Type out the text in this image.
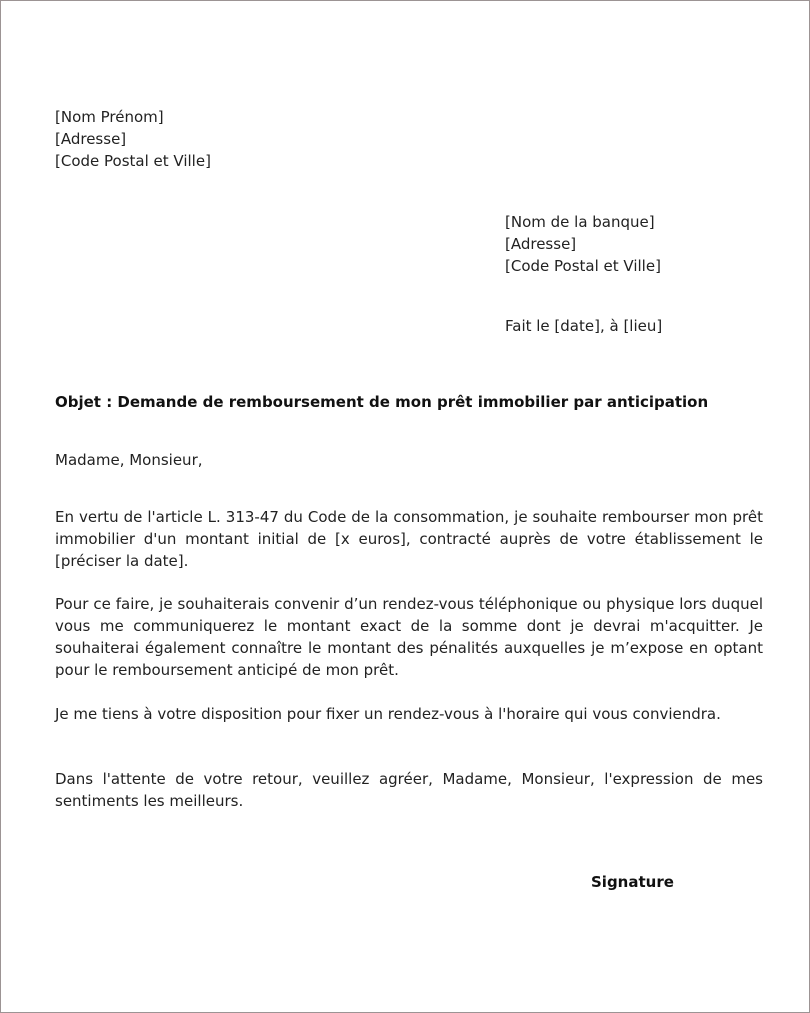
[Nom Prénom]
[Adresse]
[Code Postal et Ville]
[Nom de la banque]
[Adresse]
[Code Postal et Ville]
Fait le [date], à [lieu]
Objet : Demande de remboursement de mon prêt immobilier par anticipation
Madame, Monsieur,
En vertu de l'article L. 313-47 du Code de la consommation, je souhaite rembourser mon prêt immobilier d'un montant initial de [x euros], contracté auprès de votre établissement le [préciser la date].
Pour ce faire, je souhaiterais convenir d’un rendez-vous téléphonique ou physique lors duquel vous me communiquerez le montant exact de la somme dont je devrai m'acquitter. Je souhaiterai également connaître le montant des pénalités auxquelles je m’expose en optant pour le remboursement anticipé de mon prêt.
Je me tiens à votre disposition pour fixer un rendez-vous à l'horaire qui vous conviendra.
Dans l'attente de votre retour, veuillez agréer, Madame, Monsieur, l'expression de mes sentiments les meilleurs.
Signature
